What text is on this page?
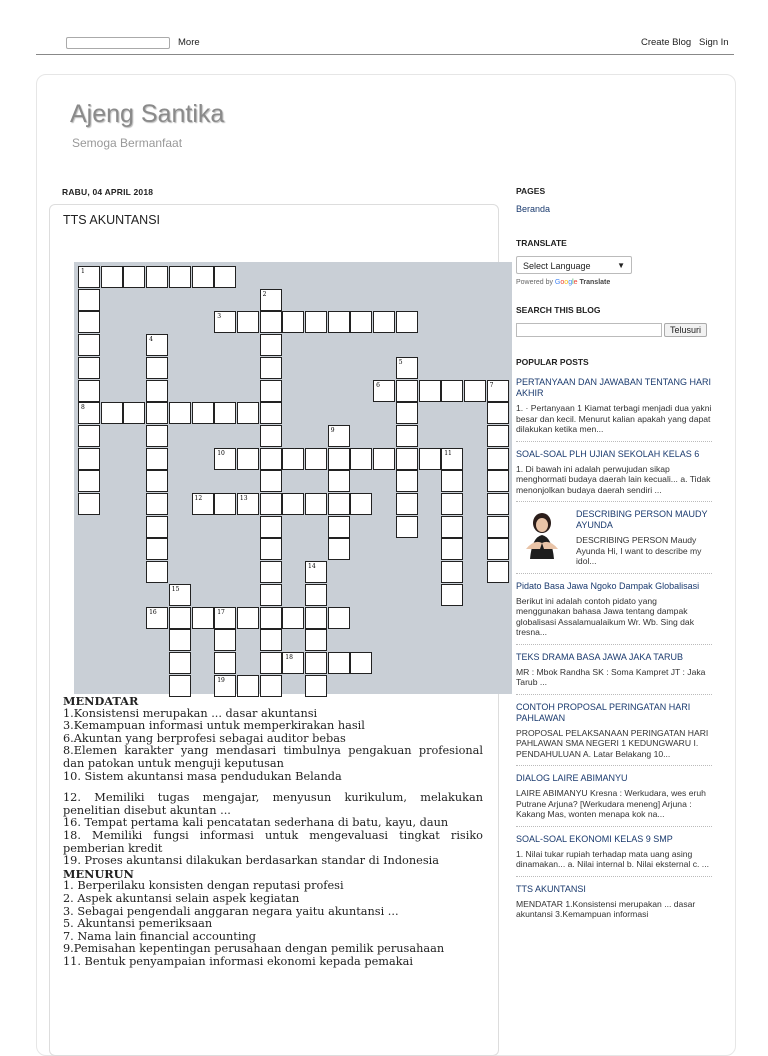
More	Create Blog Sign In
Ajeng Santika
Semoga Bermanfaat
RABU, 04 APRIL 2018
TTS AKUNTANSI
1
3
6	7
8
10	11
12	13
16	17
18
19
2
4
5
9
14
15

MENDATAR

1.Konsistensi merupakan ... dasar akuntansi

3.Kemampuan informasi untuk memperkirakan hasil

6.Akuntan yang berprofesi sebagai auditor bebas

8.Elemen karakter yang mendasari timbulnya pengakuan profesional dan patokan untuk menguji keputusan

10. Sistem akuntansi masa pendudukan Belanda

12. Memiliki tugas mengajar, menyusun kurikulum, melakukan penelitian disebut akuntan ...

16. Tempat pertama kali pencatatan sederhana di batu, kayu, daun

18. Memiliki fungsi informasi untuk mengevaluasi tingkat risiko pemberian kredit

19. Proses akuntansi dilakukan berdasarkan standar di Indonesia

MENURUN

1. Berperilaku konsisten dengan reputasi profesi

2. Aspek akuntansi selain aspek kegiatan

3. Sebagai pengendali anggaran negara yaitu akuntansi ...

5. Akuntansi pemeriksaan

7. Nama lain financial accounting

9.Pemisahan kepentingan perusahaan dengan pemilik perusahaan

11. Bentuk penyampaian informasi ekonomi kepada pemakai

PAGES
Beranda
TRANSLATE
Select Language	▼
Powered by Google Translate
SEARCH THIS BLOG
Telusuri
POPULAR POSTS
PERTANYAAN DAN JAWABAN TENTANG HARI AKHIR
1. · Pertanyaan 1 Kiamat terbagi menjadi dua yakni besar dan kecil. Menurut kalian apakah yang dapat dilakukan ketika men...
SOAL-SOAL PLH UJIAN SEKOLAH KELAS 6
1. Di bawah ini adalah perwujudan sikap menghormati budaya daerah lain kecuali... a. Tidak menonjolkan budaya daerah sendiri ...
DESCRIBING PERSON MAUDY AYUNDA
DESCRIBING PERSON Maudy Ayunda Hi, I want to describe my idol...
Pidato Basa Jawa Ngoko Dampak Globalisasi
Berikut ini adalah contoh pidato yang menggunakan bahasa Jawa tentang dampak globalisasi Assalamualaikum Wr. Wb. Sing dak tresna...
TEKS DRAMA BASA JAWA JAKA TARUB
MR : Mbok Randha SK : Soma Kampret JT : Jaka Tarub ...
CONTOH PROPOSAL PERINGATAN HARI PAHLAWAN
PROPOSAL PELAKSANAAN PERINGATAN HARI PAHLAWAN SMA NEGERI 1 KEDUNGWARU I. PENDAHULUAN A. Latar Belakang 10...
DIALOG LAIRE ABIMANYU
LAIRE ABIMANYU Kresna : Werkudara, wes eruh Putrane Arjuna? [Werkudara meneng] Arjuna : Kakang Mas, wonten menapa kok na...
SOAL-SOAL EKONOMI KELAS 9 SMP
1. Nilai tukar rupiah terhadap mata uang asing dinamakan... a. Nilai internal b. Nilai eksternal c. ...
TTS AKUNTANSI
MENDATAR 1.Konsistensi merupakan ... dasar akuntansi 3.Kemampuan informasi
